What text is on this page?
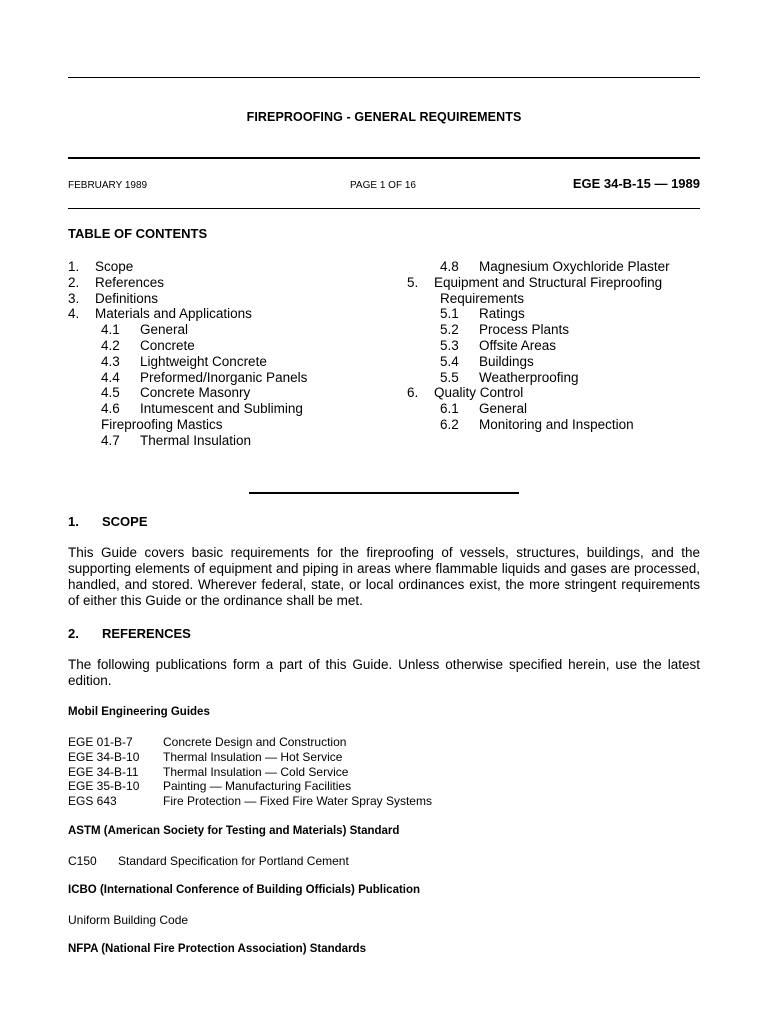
FIREPROOFING - GENERAL REQUIREMENTS
FEBRUARY 1989	PAGE 1 OF 16	EGE 34-B-15 — 1989
TABLE OF CONTENTS
1.	Scope
2.	References
3.	Definitions
4.	Materials and Applications
4.1	General
4.2	Concrete
4.3	Lightweight Concrete
4.4	Preformed/Inorganic Panels
4.5	Concrete Masonry
4.6	Intumescent and Subliming
Fireproofing Mastics
4.7	Thermal Insulation
4.8	Magnesium Oxychloride Plaster
5.	Equipment and Structural Fireproofing
Requirements
5.1	Ratings
5.2	Process Plants
5.3	Offsite Areas
5.4	Buildings
5.5	Weatherproofing
6.	Quality Control
6.1	General
6.2	Monitoring and Inspection
1. SCOPE
This Guide covers basic requirements for the fireproofing of vessels, structures, buildings, and the supporting elements of equipment and piping in areas where flammable liquids and gases are processed, handled, and stored. Wherever federal, state, or local ordinances exist, the more stringent requirements of either this Guide or the ordinance shall be met.
2. REFERENCES
The following publications form a part of this Guide. Unless otherwise specified herein, use the latest edition.
Mobil Engineering Guides
EGE 01-B-7	Concrete Design and Construction
EGE 34-B-10	Thermal Insulation — Hot Service
EGE 34-B-11	Thermal Insulation — Cold Service
EGE 35-B-10	Painting — Manufacturing Facilities
EGS 643	Fire Protection — Fixed Fire Water Spray Systems
ASTM (American Society for Testing and Materials) Standard
C150 Standard Specification for Portland Cement
ICBO (International Conference of Building Officials) Publication
Uniform Building Code
NFPA (National Fire Protection Association) Standards
